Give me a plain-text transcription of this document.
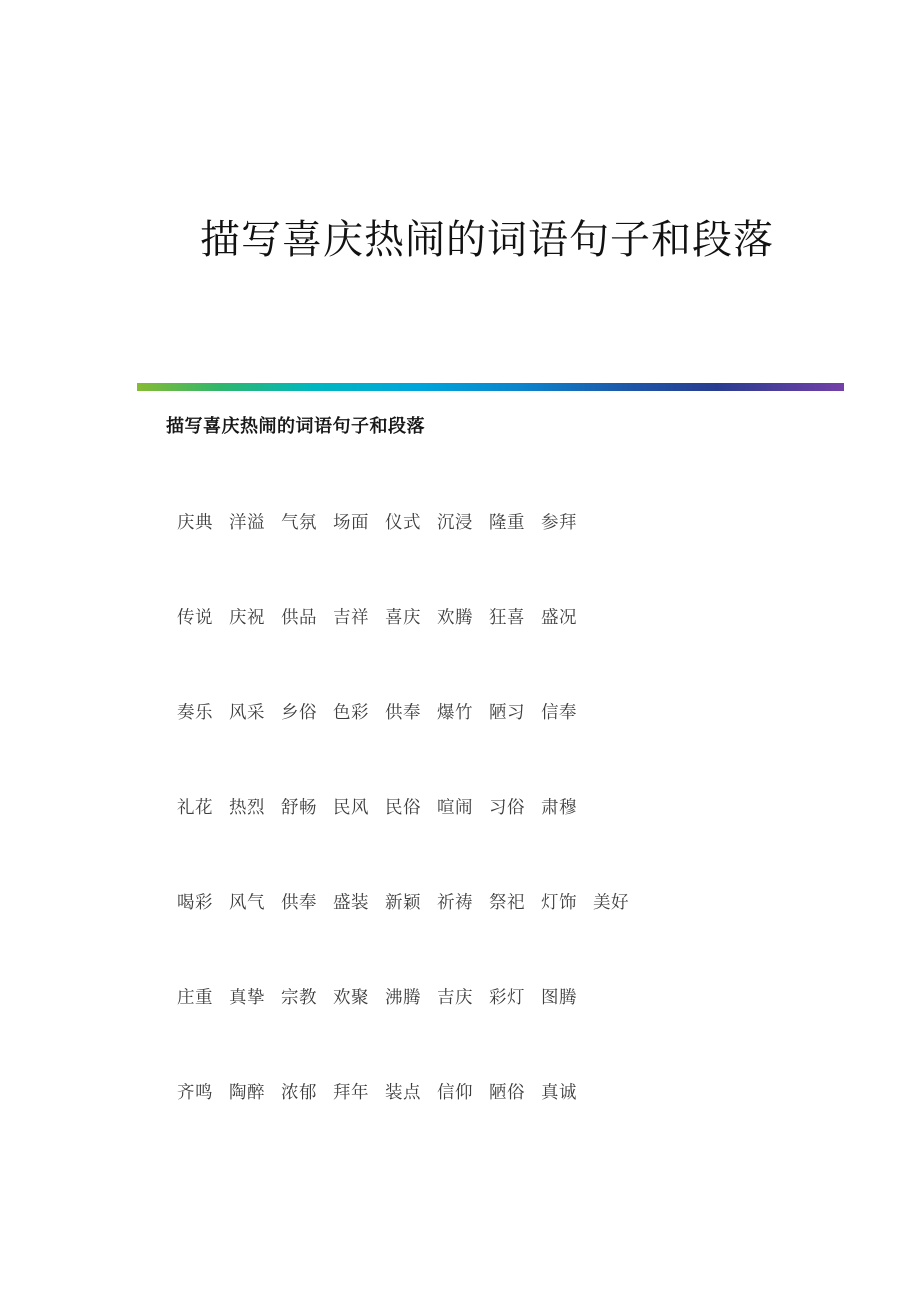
描写喜庆热闹的词语句子和段落
描写喜庆热闹的词语句子和段落
庆典 洋溢 气氛 场面 仪式 沉浸 隆重 参拜
传说 庆祝 供品 吉祥 喜庆 欢腾 狂喜 盛况
奏乐 风采 乡俗 色彩 供奉 爆竹 陋习 信奉
礼花 热烈 舒畅 民风 民俗 喧闹 习俗 肃穆
喝彩 风气 供奉 盛装 新颖 祈祷 祭祀 灯饰 美好
庄重 真挚 宗教 欢聚 沸腾 吉庆 彩灯 图腾
齐鸣 陶醉 浓郁 拜年 装点 信仰 陋俗 真诚
